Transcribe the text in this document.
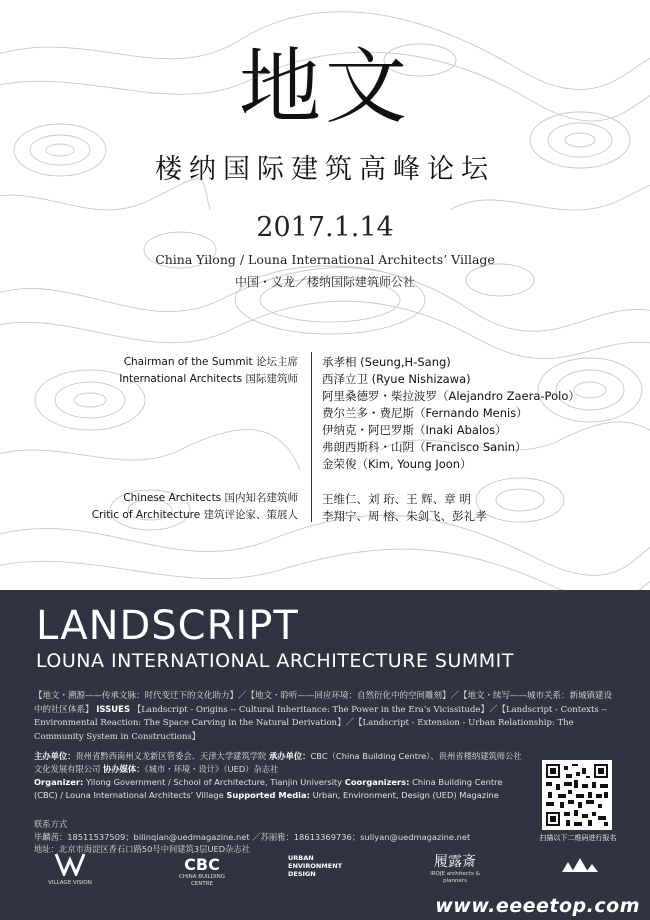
地文
楼纳国际建筑高峰论坛
2017.1.14
China Yilong / Louna International Architects’ Village
中国・义龙／楼纳国际建筑师公社
Chairman of the Summit 论坛主席
International Architects 国际建筑师
Chinese Architects 国内知名建筑师
Critic of Architecture 建筑评论家、策展人
承孝相 (Seung,H-Sang)
西泽立卫 (Ryue Nishizawa)
阿里桑德罗・柴拉波罗（Alejandro Zaera-Polo）
费尔兰多・费尼斯（Fernando Menis）
伊纳克・阿巴罗斯（Inaki Abalos）
弗朗西斯科・山阴（Francisco Sanin）
金荣俊（Kim, Young Joon）
王维仁、刘 珩、王 辉、章 明
李翔宁、周 榕、朱剑飞、彭礼孝
LANDSCRIPT
LOUNA INTERNATIONAL ARCHITECTURE SUMMIT
【地文・溯源——传承文脉：时代变迁下的文化助力】／【地文・聆听——回应环境：自然衍化中的空间雕刻】／【地文・续写——城市关系：新城镇建设中的社区体系】 ISSUES 【Landscript - Origins -- Cultural Inheritance: The Power in the Era’s Vicissitude】／【Landscript - Contexts -- Environmental Reaction: The Space Carving in the Natural Derivation】／【Landscript - Extension - Urban Relationship: The Community System in Constructions】
主办单位：贵州省黔西南州义龙新区管委会、天津大学建筑学院 承办单位：CBC（China Building Centre）、贵州省楼纳建筑师公社文化发展有限公司 协办媒体：《城市・环境・设计》（UED）杂志社
Organizer: Yilong Government / School of Architecture, Tianjin University Coorganizers: China Building Centre (CBC) / Louna International Architects’ Village Supported Media: Urban, Environment, Design (UED) Magazine
联系方式
毕麟茜：18511537509；bilinqian@uedmagazine.net ／苏丽雅：18613369736；suliyan@uedmagazine.net
地址：北京市海淀区香石口路50号中间建筑3层UED杂志社
扫描以下二维码进行报名
VILLAGE VISION
CBC
CHINA BUILDING CENTRE
URBAN ENVIRONMENT DESIGN
履露斎
IROJE architects & planners
www.eeeetop.com
